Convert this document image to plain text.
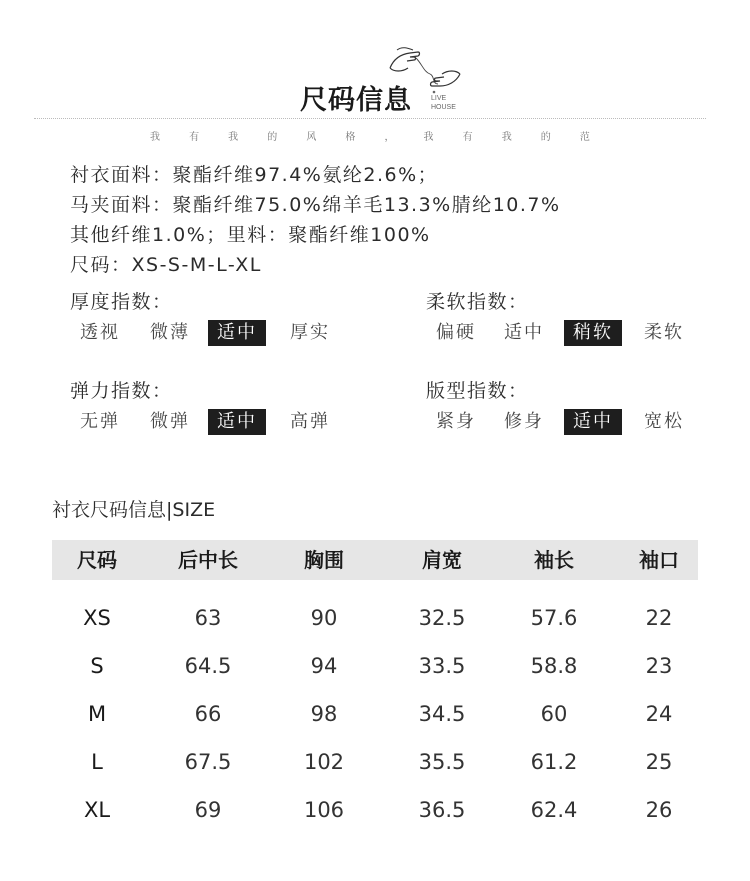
尺码信息	LIVE
HOUSE
我	有	我	的	风	格	，	我	有	我	的	范
衬衣面料：聚酯纤维97.4%氨纶2.6%；
马夹面料：聚酯纤维75.0%绵羊毛13.3%腈纶10.7%
其他纤维1.0%；里料：聚酯纤维100%
尺码：XS-S-M-L-XL
厚度指数：
透视	微薄	适中	厚实
柔软指数：
偏硬	适中	稍软	柔软
弹力指数：
无弹	微弹	适中	高弹
版型指数：
紧身	修身	适中	宽松
衬衣尺码信息|SIZE
尺码	后中长	胸围	肩宽	袖长	袖口
XS	63	90	32.5	57.6	22
S	64.5	94	33.5	58.8	23
M	66	98	34.5	60	24
L	67.5	102	35.5	61.2	25
XL	69	106	36.5	62.4	26
